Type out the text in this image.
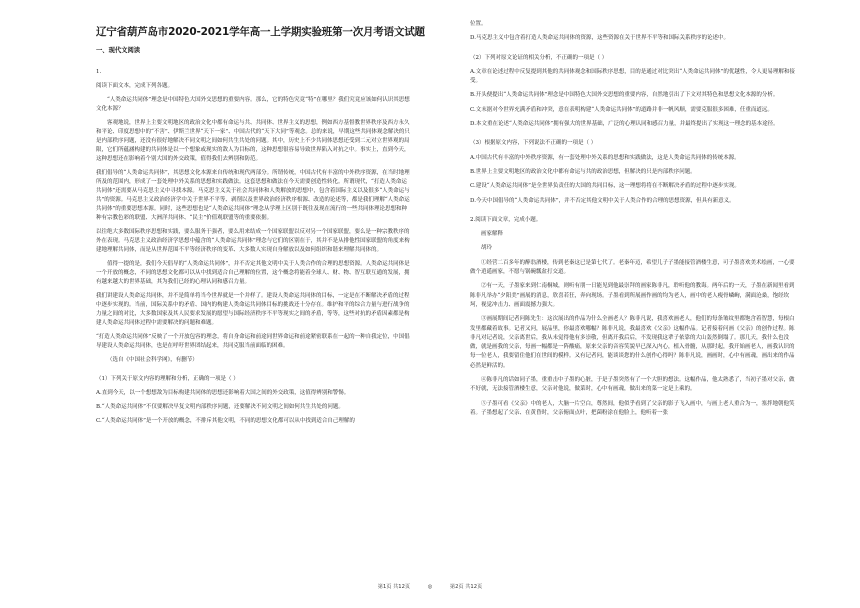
辽宁省葫芦岛市2020-2021学年高一上学期实验班第一次月考语文试题
一、现代文阅读

1.

阅读下面文本，完成下列各题。

“人类命运共同体”理念是中国特色大国外交思想的重要内容。那么，它的特色究竟“特”在哪里？我们究竟应该如何认识其思想文化本源？

客观地说，世界上主要文明地区的政治文化中都有命运与共、共同体、世界主义的思想，例如西方基督教世界秩序及西方永久和平论、印度思想中的“不害”、伊斯兰世界“天下一家”、中国古代的“天下大同”等观念。总的来说，早期这些共同体观念解决的只是内部秩序问题，还没有很好地解决不同文明之间如何共生共处的问题。其中，历史上不少共同体思想还受到二元对立世界观的局限，它们所蕴涵构建的共同体是以一个想象或现实的敌人为目标的，这种思想很容易导致世界陷入对抗之中。事实上，直到今天，这种思想还在影响着个别大国的外交政策，值得我们去辨别和防范。

我们倡导的“人类命运共同体”，其思想文化本源来自传统和现代两部分。所谓传统，中国古代有丰富的中外秩序资源，在当时地理所及的范围内，形成了一套处理中外关系的思想和实践做法。这套思想和做法在今天需要创造性转化。所谓现代，“打造人类命运共同体”还需要从马克思主义中寻找本源。马克思主义关于社会共同体和人类解放的思想中，包含着国际主义以及很多“人类命运与共”的资源。马克思主义政治经济学中关于世界不平等、剥削以及世界政治经济秩序根源、改造的论述等，都是我们理解“人类命运共同体”的重要思想本源。同时，这些思想也是“人类命运共同体”理念从学理上区别于既往及现在流行的一些共同体理论思想和种种有宗教色彩的联盟、大洲洋共同体、“民主”价值观联盟等的重要依据。

以往绝大多数国际秩序思想和实践，要么服务于强者，要么用来结成一个国家联盟以反对另一个国家联盟，要么是一种宗教秩序的外在表现。马克思主义政治经济学思想中蕴含的“人类命运共同体”理念与它们的区别在于，其并不是从排他性国家联盟的角度来构建地理解共同体，而是从世界范围不平等经济秩序的变革、大多数人实现自身解放以及如何组织和谐来理解共同体的。

值得一提的是，我们今天倡导的“人类命运共同体”，并不否定其他文明中关于人类合作的合理的思想资源。人类命运共同体是一个开放的概念，不同的思想文化都可以从中找到适合自己理解的位置，这个概念将能着全球人、财、物、智互联互通的发展，拥有越来越大的世界基础，其为我们已经的心理认同和感召力量。

我们讲建设人类命运共同体，并不是简单将当今世界就是一个并样了。建设人类命运共同体的目标，一定是在不断解决矛盾的过程中逐步实现的。当前，国际关系中的矛盾、国内的构建人类命运共同体目标的挑战还十分存在。维护和平的综合力量与进行战争的力量之间的对比，大多数国家及其人民要求发展的愿望与国际经济秩序不平等现实之间的矛盾，等等，这些对抗的矛盾因素都是构建人类命运共同体过程中需要解决的问题和难题。

“打造人类命运共同体”反映了一个开放包容的理念，将自身命运和前途同世界命运和前途紧密联系在一起的一种自我定位，中国倡导建设人类命运共同体，也是在呼吁世界团结起来，共同克服当前面临的困难。

（选自《中国社会科学网》，有删节）

（1）下列关于原文内容的理解和分析，正确的一项是（ ）

A.直到今天，以一个想想敌为目标构建共同体的思想还影响着大国之间的外交政策，这值得辨别和警惕。

B.“人类命运共同体”不仅要解决早复文明内部秩序问题，还要解决不同文明之间如何共生共处的问题。

C.“人类命运共同体”是一个开放的概念，不排斥其他文明，不同的思想文化都可以从中找到适合自己理解的

位置。

D.马克思主义中包含着打造人类命运共同体的资源，这些资源在关于世界不平等和国际关系秩序的论述中。

（2）下列对原文论证的相关分析，不正确的一项是（ ）

A.文章在论述过程中反复提到其他的共同体观念和国际秩序思想，目的是通过对比突出“人类命运共同体”的优越性，令人更易理解和接受。

B.开头便提出“人类命运共同体”理念是中国特色大国外交思想的重要内容，自然地引出了下文对其特色和思想文化本源的分析。

C.文末据对今世界充满矛盾和冲突，意在表明构建“人类命运共同体”的道路并非一帆风顺，需要克服很多困难，任重而道远。

D.本文重在论述“人类命运共同体”拥有强大的世界基础，广泛的心理认同和感召力量，并最终提出了实现这一理念的基本途径。

（3）根据原文内容，下列说法不正确的一项是（ ）

A.中国古代有丰富的中外秩序资源，有一套处理中外关系的思想和实践做法，这是人类命运共同体的传统本源。

B.世界上主要文明地区的政治文化中都有命运与共的政治思想，但解决的只是内部秩序问题。

C.建设“人类命运共同体”是全世界负责任的大国的共同目标，这一理想将将在不断解决矛盾的过程中逐步实现。

D.今天中国倡导的“人类命运共同体”，并不否定其他文明中关于人类合作的合理的思想资源，但具有新意义。

2.阅读下面文章，完成小题。

画家解释

胡玲

①经营二百多年的醉翁酒楼，传到老秦这已是第七代了。老秦年迈，希望儿子子墨能接管酒楼生意，可子墨喜欢美术绘画，一心要做个逍遥画家，不愿与锅碗瓢盆打交道。

②有一天，子墨家来到仁南桐城，则听有朋一日能见到他最崇拜的画家陈非凡，聆听他的教诲。两年后的一天，子墨在新闻里看到陈非凡举办“夕阳美”画展的消息，欣喜若狂，奔向现场。子墨看到所展画作画的均为老人，画中的老人瘦骨嶙峋，满面沧桑，饱经坎坷，视觉冲击力、画面震撼力强大。

③画展期间记者问陈先生：这次展出的作品为什么全画老人？陈非凡说，我喜欢画老人，他们的每条皱纹里都饱含着智慧，每根白发里都藏着故事。记者又问，展品里，你最喜欢哪幅？陈非凡说，我最喜欢《父亲》这幅作品。记者接着问画《父亲》的创作过程。陈非凡对记者说，父亲离世后，我从未觉得他有多崇敬，但离开我后后，不发现我这辈子依靠的大山轰然倒塌了。那几天，我什么也没做，就是画我的父亲，每画一幅都是一阵酸痛，原来父亲的音容笑貌早已深入内心，植入骨髓，从那时起，我开始画老人，画我认识的每一位老人，我要留住他们在世间的模样。又有记者问，能谈谈您的什么创作心得吗？陈非凡说，画画时，心中有画魂，画出来的作品必然是鲜活的。

④陈非凡的话如同子墨，重重击中子墨的心脏，于是子墨突然有了一个大胆的想法。这幅作品，他太熟悉了，当初子墨对父亲，做不好就，无法接管酒楼生意，父亲对他说，做菜时，心中有画魂，做出来的菜一定是上乘的。

⑤子墨可看《父亲》中的老人，大脑一片空白，尊然间，他似乎看到了父亲的影子飞入画中，与画上老人重合为一，塞拌地朝他笑着。子墨想起了父亲、在黄昏时，父亲俯面点叶，把菌粉涂在他脸上，他听着一张

第1页 共12页	◎	第2页 共12页
